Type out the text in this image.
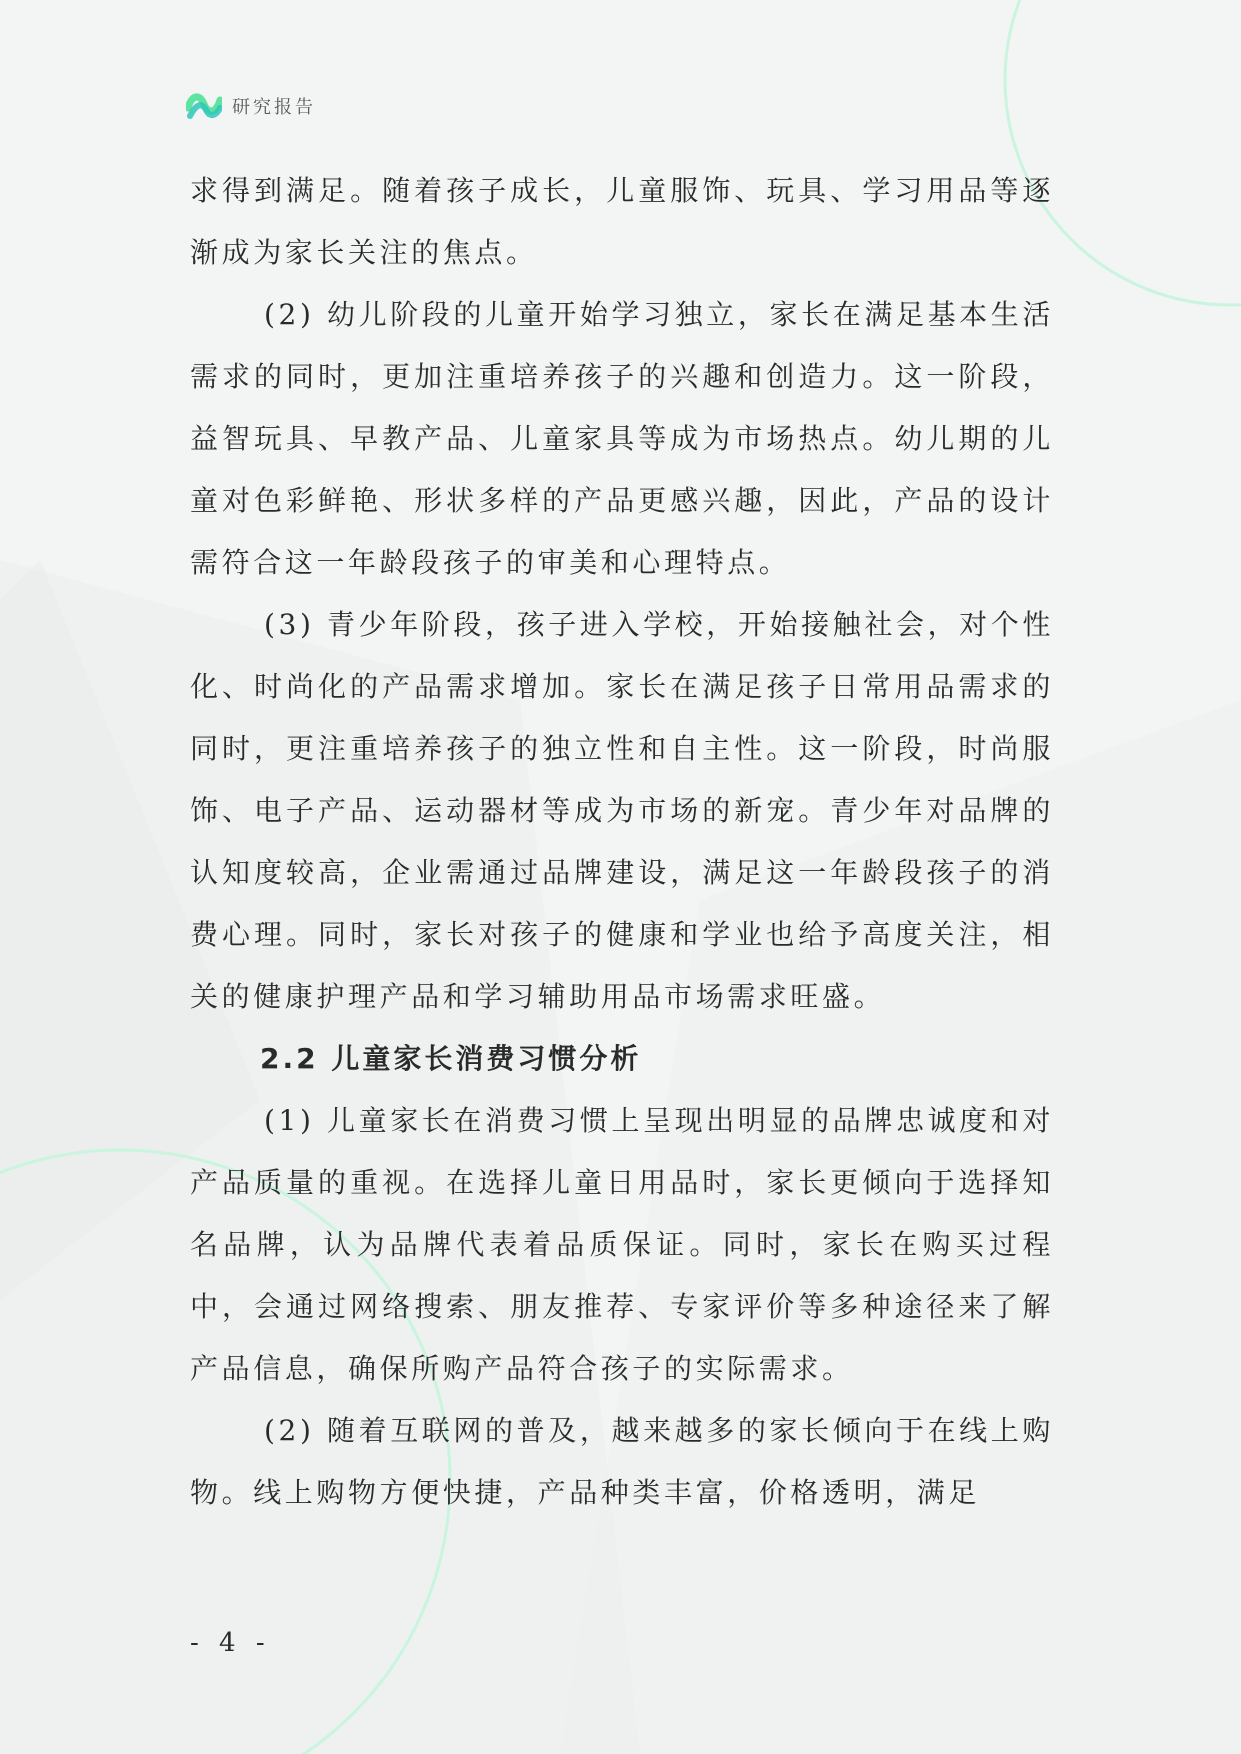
研究报告

求得到满足。随着孩子成长，儿童服饰、玩具、学习用品等逐渐成为家长关注的焦点。

(2) 幼儿阶段的儿童开始学习独立，家长在满足基本生活需求的同时，更加注重培养孩子的兴趣和创造力。这一阶段，益智玩具、早教产品、儿童家具等成为市场热点。幼儿期的儿童对色彩鲜艳、形状多样的产品更感兴趣，因此，产品的设计需符合这一年龄段孩子的审美和心理特点。

(3) 青少年阶段，孩子进入学校，开始接触社会，对个性化、时尚化的产品需求增加。家长在满足孩子日常用品需求的同时，更注重培养孩子的独立性和自主性。这一阶段，时尚服饰、电子产品、运动器材等成为市场的新宠。青少年对品牌的认知度较高，企业需通过品牌建设，满足这一年龄段孩子的消费心理。同时，家长对孩子的健康和学业也给予高度关注，相关的健康护理产品和学习辅助用品市场需求旺盛。

2.2 儿童家长消费习惯分析

(1) 儿童家长在消费习惯上呈现出明显的品牌忠诚度和对产品质量的重视。在选择儿童日用品时，家长更倾向于选择知名品牌，认为品牌代表着品质保证。同时，家长在购买过程中，会通过网络搜索、朋友推荐、专家评价等多种途径来了解产品信息，确保所购产品符合孩子的实际需求。

(2) 随着互联网的普及，越来越多的家长倾向于在线上购物。线上购物方便快捷，产品种类丰富，价格透明，满足

- 4 -
